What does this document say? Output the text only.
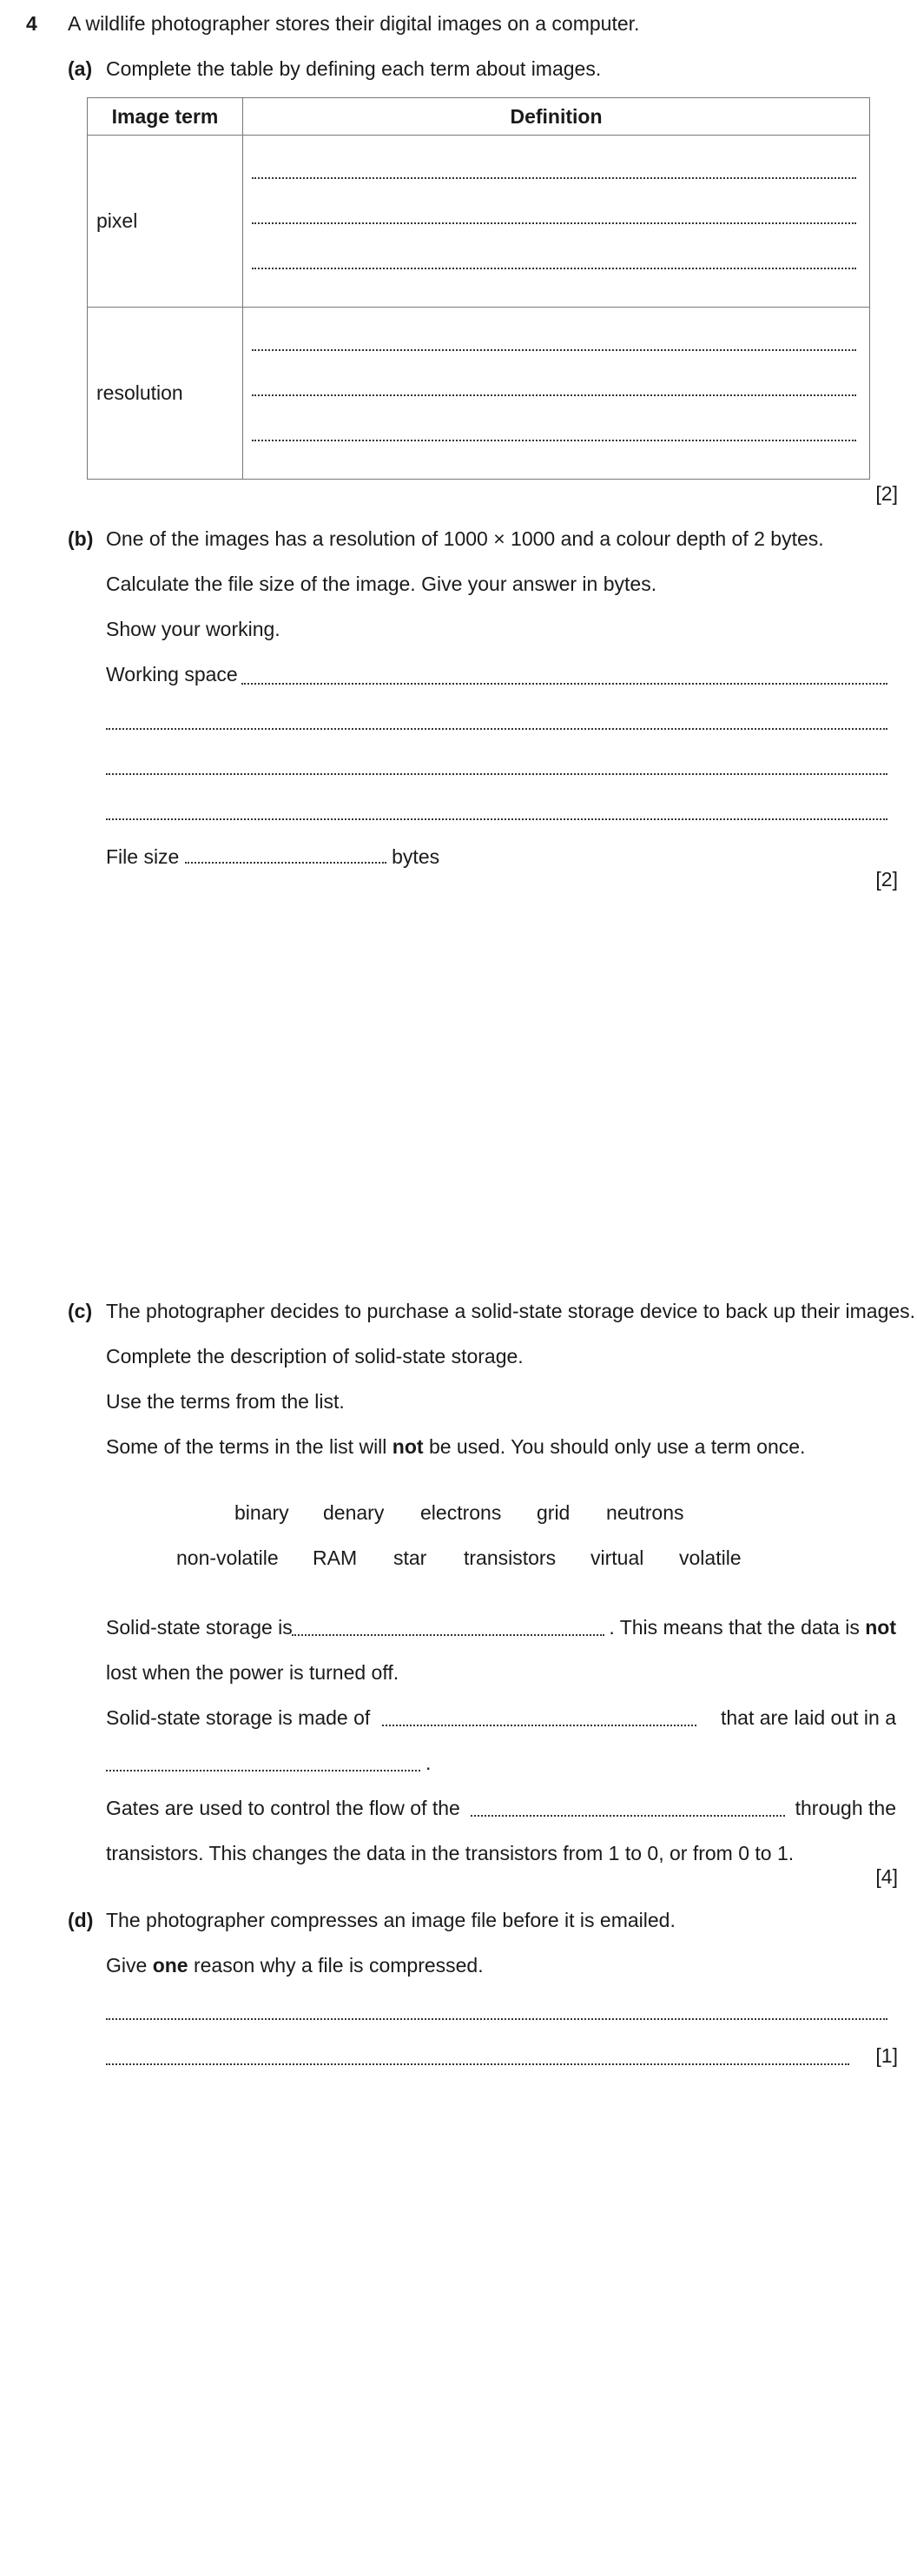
4 A wildlife photographer stores their digital images on a computer.
(a) Complete the table by defining each term about images.
Image term	Definition
pixel	

resolution	
[2]
(b) One of the images has a resolution of 1000 × 1000 and a colour depth of 2 bytes.
Calculate the file size of the image. Give your answer in bytes.
Show your working.
Working space
File size	bytes
[2]
(c) The photographer decides to purchase a solid-state storage device to back up their images.
Complete the description of solid-state storage.
Use the terms from the list.
Some of the terms in the list will not be used. You should only use a term once.
binary denary electrons grid neutrons
non-volatile RAM star transistors virtual volatile
Solid-state storage is	. This means that the data is not
lost when the power is turned off.
Solid-state storage is made of	that are laid out in a
.
Gates are used to control the flow of the	through the
transistors. This changes the data in the transistors from 1 to 0, or from 0 to 1.
[4]
(d) The photographer compresses an image file before it is emailed.
Give one reason why a file is compressed.
[1]
